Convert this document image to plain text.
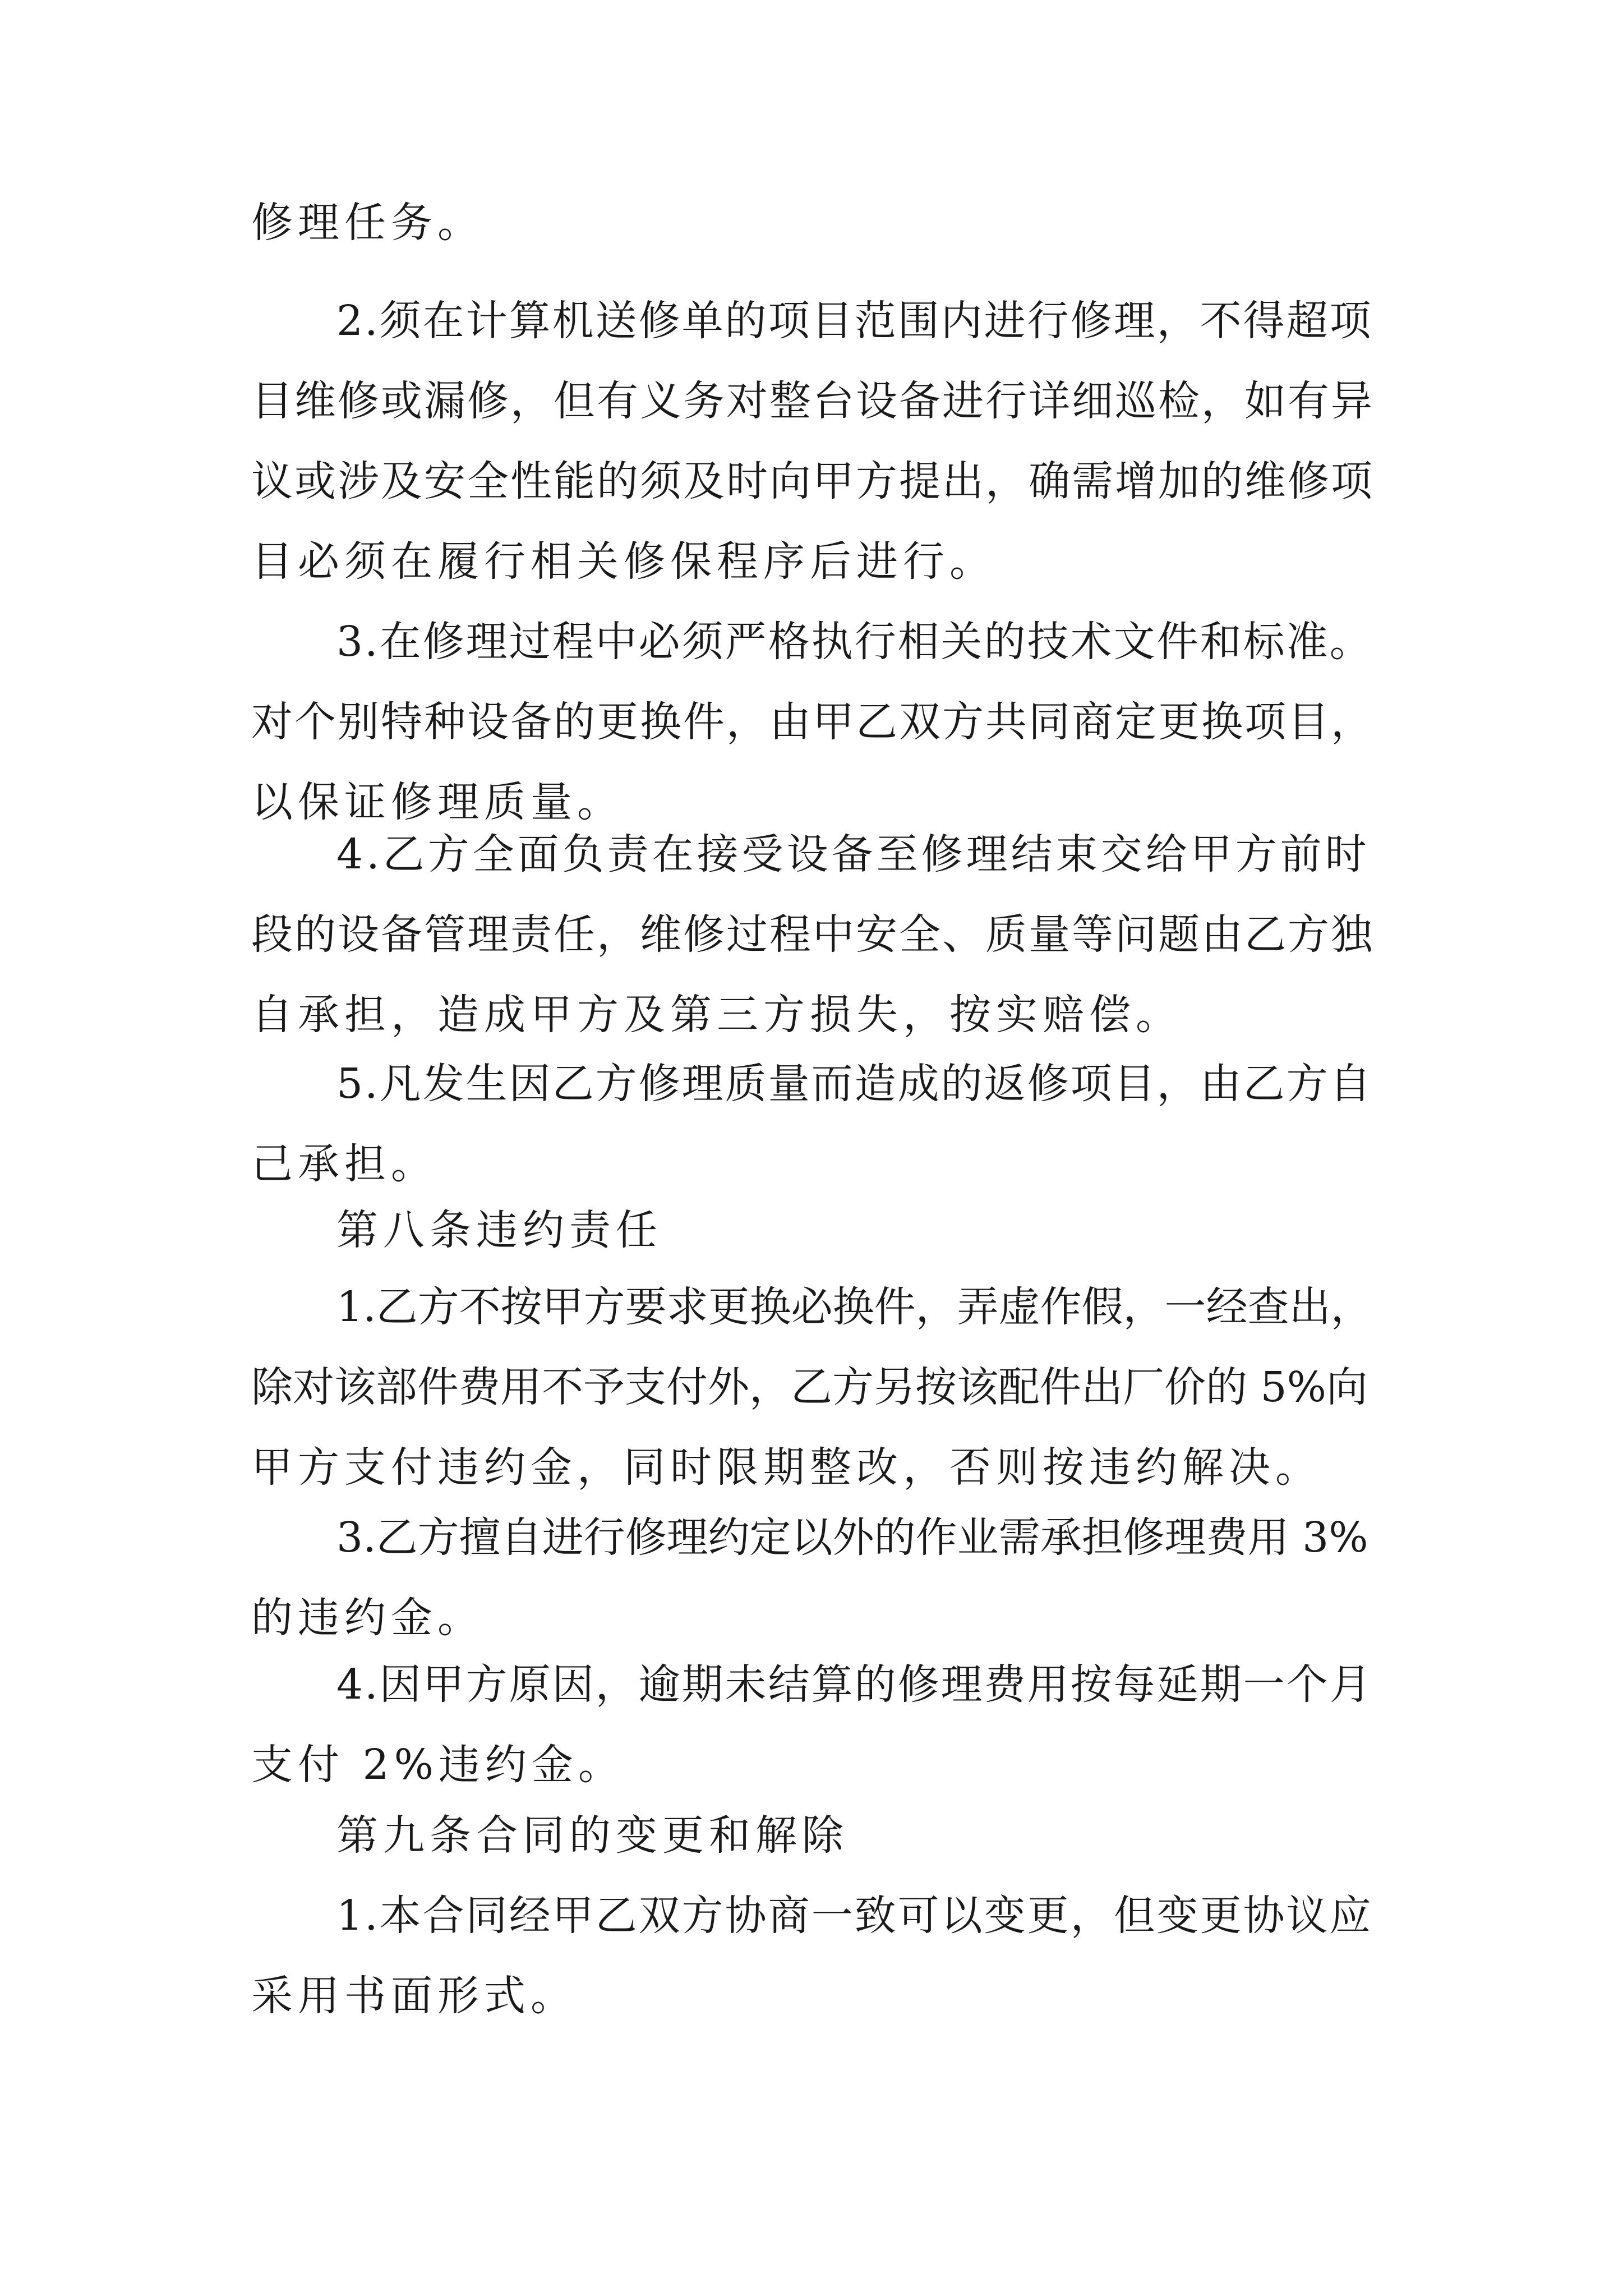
修理任务。
2.须在计算机送修单的项目范围内进行修理，不得超项
目维修或漏修，但有义务对整台设备进行详细巡检，如有异
议或涉及安全性能的须及时向甲方提出，确需增加的维修项
目必须在履行相关修保程序后进行。
3.在修理过程中必须严格执行相关的技术文件和标准。
对个别特种设备的更换件，由甲乙双方共同商定更换项目，
以保证修理质量。
4.乙方全面负责在接受设备至修理结束交给甲方前时
段的设备管理责任，维修过程中安全、质量等问题由乙方独
自承担，造成甲方及第三方损失，按实赔偿。
5.凡发生因乙方修理质量而造成的返修项目，由乙方自
己承担。
第八条违约责任
1.乙方不按甲方要求更换必换件，弄虚作假，一经查出，
除对该部件费用不予支付外，乙方另按该配件出厂价的 5%向
甲方支付违约金，同时限期整改，否则按违约解决。
3.乙方擅自进行修理约定以外的作业需承担修理费用 3%
的违约金。
4.因甲方原因，逾期未结算的修理费用按每延期一个月
支付 2%违约金。
第九条合同的变更和解除
1.本合同经甲乙双方协商一致可以变更，但变更协议应
采用书面形式。
